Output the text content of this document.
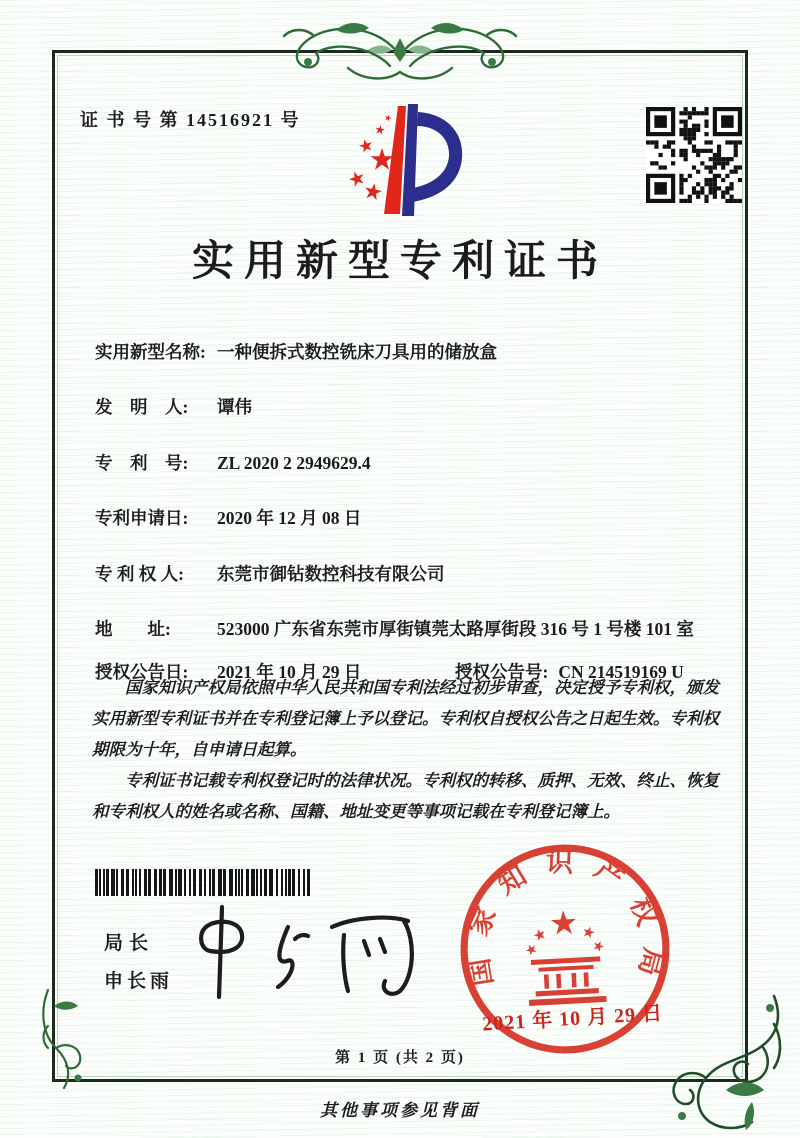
证 书 号 第 14516921 号
实用新型专利证书
实用新型名称: 一种便拆式数控铣床刀具用的储放盒
发　明　人:	谭伟
专　利　号:	ZL 2020 2 2949629.4
专利申请日:	2020 年 12 月 08 日
专 利 权 人:	东莞市御钻数控科技有限公司
地　　址:	523000 广东省东莞市厚街镇莞太路厚街段 316 号 1 号楼 101 室
授权公告日:	2021 年 10 月 29 日	授权公告号: CN 214519169 U

国家知识产权局依照中华人民共和国专利法经过初步审查，决定授予专利权，颁发实用新型专利证书并在专利登记簿上予以登记。专利权自授权公告之日起生效。专利权期限为十年，自申请日起算。

专利证书记载专利权登记时的法律状况。专利权的转移、质押、无效、终止、恢复和专利权人的姓名或名称、国籍、地址变更等事项记载在专利登记簿上。

局长
申长雨	国家知识产权局
2021 年 10 月 29 日
第 1 页 (共 2 页)
其他事项参见背面
